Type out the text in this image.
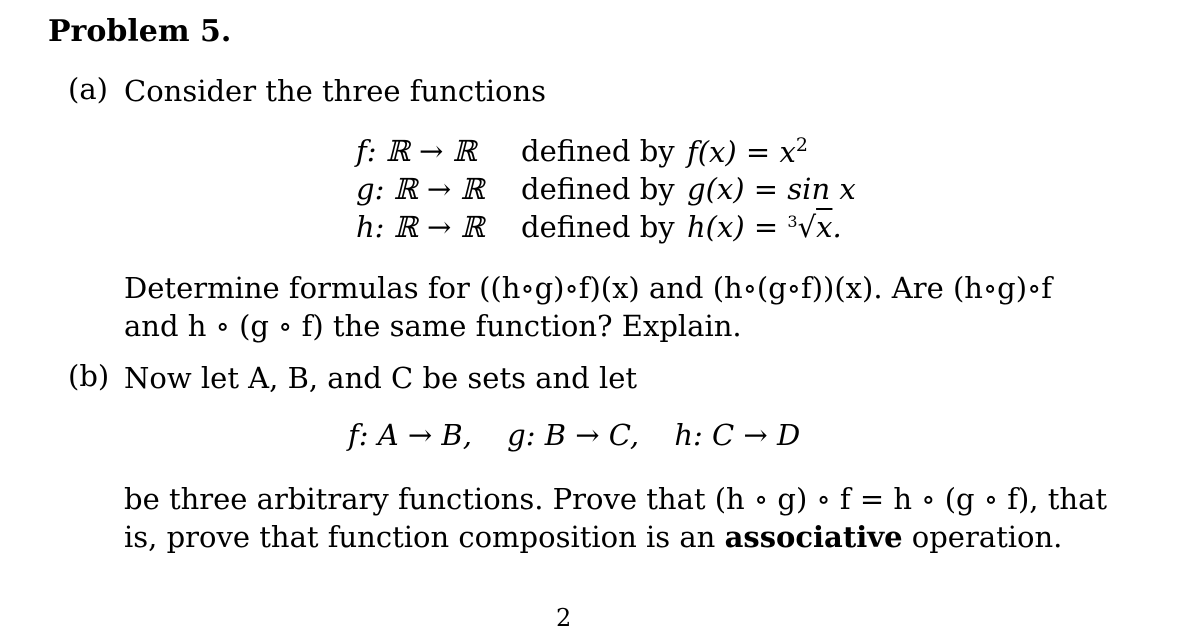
Problem 5.
(a) Consider the three functions
f: ℝ → ℝ	defined by $f(x) = x^2$
g: ℝ → ℝ	defined by g(x) = sin x
h: ℝ → ℝ	defined by h(x) = $^3$√x.
Determine formulas for ((h∘g)∘f)(x) and (h∘(g∘f))(x). Are (h∘g)∘f
and h ∘ (g ∘ f) the same function? Explain.
(b) Now let A, B, and C be sets and let
f: A → B, g: B → C, h: C → D
be three arbitrary functions. Prove that (h ∘ g) ∘ f = h ∘ (g ∘ f), that
is, prove that function composition is an associative operation.
2
